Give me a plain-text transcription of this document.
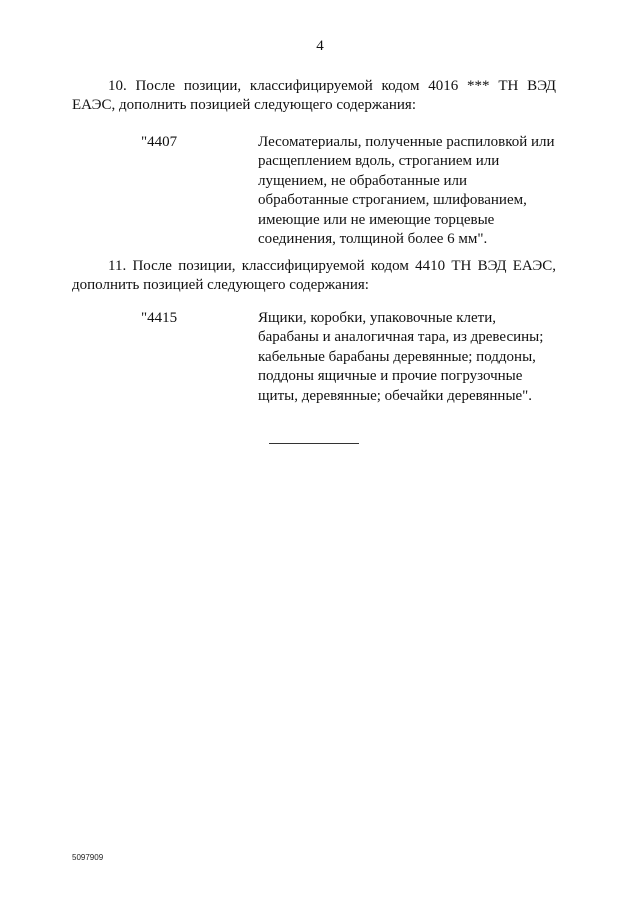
4
10. После позиции, классифицируемой кодом 4016 *** ТН ВЭД
ЕАЭС, дополнить позицией следующего содержания:
"4407	Лесоматериалы, полученные распиловкой или
расщеплением вдоль, строганием или
лущением, не обработанные или
обработанные строганием, шлифованием,
имеющие или не имеющие торцевые
соединения, толщиной более 6 мм".
11. После позиции, классифицируемой кодом 4410 ТН ВЭД ЕАЭС,
дополнить позицией следующего содержания:
"4415	Ящики, коробки, упаковочные клети,
барабаны и аналогичная тара, из древесины;
кабельные барабаны деревянные; поддоны,
поддоны ящичные и прочие погрузочные
щиты, деревянные; обечайки деревянные".
5097909
